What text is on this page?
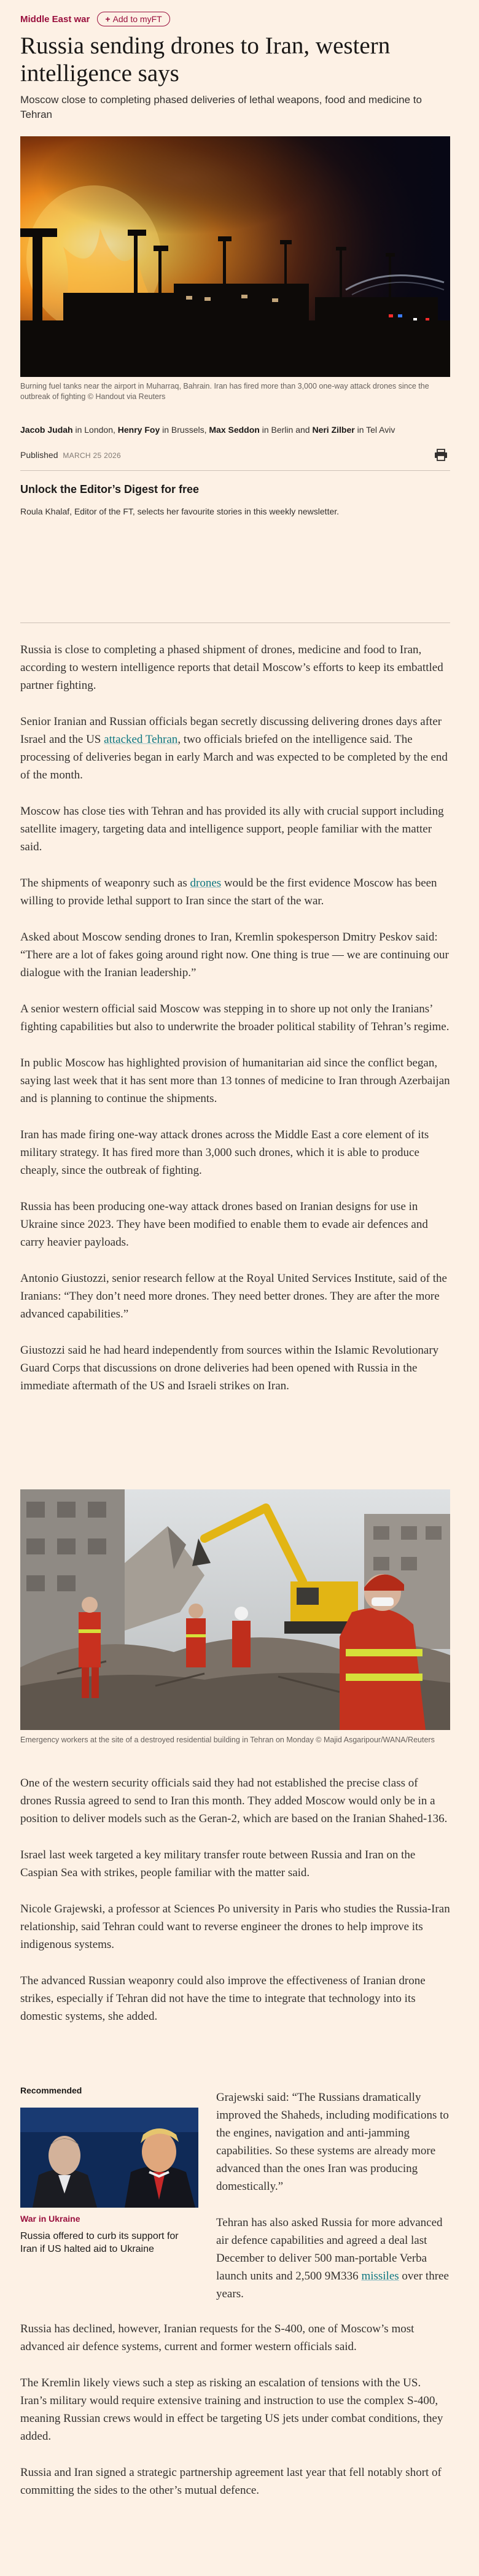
Middle East war + Add to myFT
Russia sending drones to Iran, western intelligence says

Moscow close to completing phased deliveries of lethal weapons, food and medicine to Tehran

Burning fuel tanks near the airport in Muharraq, Bahrain. Iran has fired more than 3,000 one-way attack drones since the outbreak of fighting © Handout via Reuters
Jacob Judah in London, Henry Foy in Brussels, Max Seddon in Berlin and Neri Zilber in Tel Aviv
Published MARCH 25 2026
Unlock the Editor’s Digest for free
Roula Khalaf, Editor of the FT, selects her favourite stories in this weekly newsletter.

Russia is close to completing a phased shipment of drones, medicine and food to Iran, according to western intelligence reports that detail Moscow’s efforts to keep its embattled partner fighting.

Senior Iranian and Russian officials began secretly discussing delivering drones days after Israel and the US attacked Tehran, two officials briefed on the intelligence said. The processing of deliveries began in early March and was expected to be completed by the end of the month.

Moscow has close ties with Tehran and has provided its ally with crucial support including satellite imagery, targeting data and intelligence support, people familiar with the matter said.

The shipments of weaponry such as drones would be the first evidence Moscow has been willing to provide lethal support to Iran since the start of the war.

Asked about Moscow sending drones to Iran, Kremlin spokesperson Dmitry Peskov said: “There are a lot of fakes going around right now. One thing is true — we are continuing our dialogue with the Iranian leadership.”

A senior western official said Moscow was stepping in to shore up not only the Iranians’ fighting capabilities but also to underwrite the broader political stability of Tehran’s regime.

In public Moscow has highlighted provision of humanitarian aid since the conflict began, saying last week that it has sent more than 13 tonnes of medicine to Iran through Azerbaijan and is planning to continue the shipments.

Iran has made firing one-way attack drones across the Middle East a core element of its military strategy. It has fired more than 3,000 such drones, which it is able to produce cheaply, since the outbreak of fighting.

Russia has been producing one-way attack drones based on Iranian designs for use in Ukraine since 2023. They have been modified to enable them to evade air defences and carry heavier payloads.

Antonio Giustozzi, senior research fellow at the Royal United Services Institute, said of the Iranians: “They don’t need more drones. They need better drones. They are after the more advanced capabilities.”

Giustozzi said he had heard independently from sources within the Islamic Revolutionary Guard Corps that discussions on drone deliveries had been opened with Russia in the immediate aftermath of the US and Israeli strikes on Iran.

Emergency workers at the site of a destroyed residential building in Tehran on Monday © Majid Asgaripour/WANA/Reuters

One of the western security officials said they had not established the precise class of drones Russia agreed to send to Iran this month. They added Moscow would only be in a position to deliver models such as the Geran-2, which are based on the Iranian Shahed-136.

Israel last week targeted a key military transfer route between Russia and Iran on the Caspian Sea with strikes, people familiar with the matter said.

Nicole Grajewski, a professor at Sciences Po university in Paris who studies the Russia-Iran relationship, said Tehran could want to reverse engineer the drones to help improve its indigenous systems.

The advanced Russian weaponry could also improve the effectiveness of Iranian drone strikes, especially if Tehran did not have the time to integrate that technology into its domestic systems, she added.

Recommended
War in Ukraine
Russia offered to curb its support for Iran if US halted aid to Ukraine

Grajewski said: “The Russians dramatically improved the Shaheds, including modifications to the engines, navigation and anti-jamming capabilities. So these systems are already more advanced than the ones Iran was producing domestically.”

Tehran has also asked Russia for more advanced air defence capabilities and agreed a deal last December to deliver 500 man-portable Verba launch units and 2,500 9M336 missiles over three years.

Russia has declined, however, Iranian requests for the S-400, one of Moscow’s most advanced air defence systems, current and former western officials said.

The Kremlin likely views such a step as risking an escalation of tensions with the US. Iran’s military would require extensive training and instruction to use the complex S-400, meaning Russian crews would in effect be targeting US jets under combat conditions, they added.

Russia and Iran signed a strategic partnership agreement last year that fell notably short of committing the sides to the other’s mutual defence.
